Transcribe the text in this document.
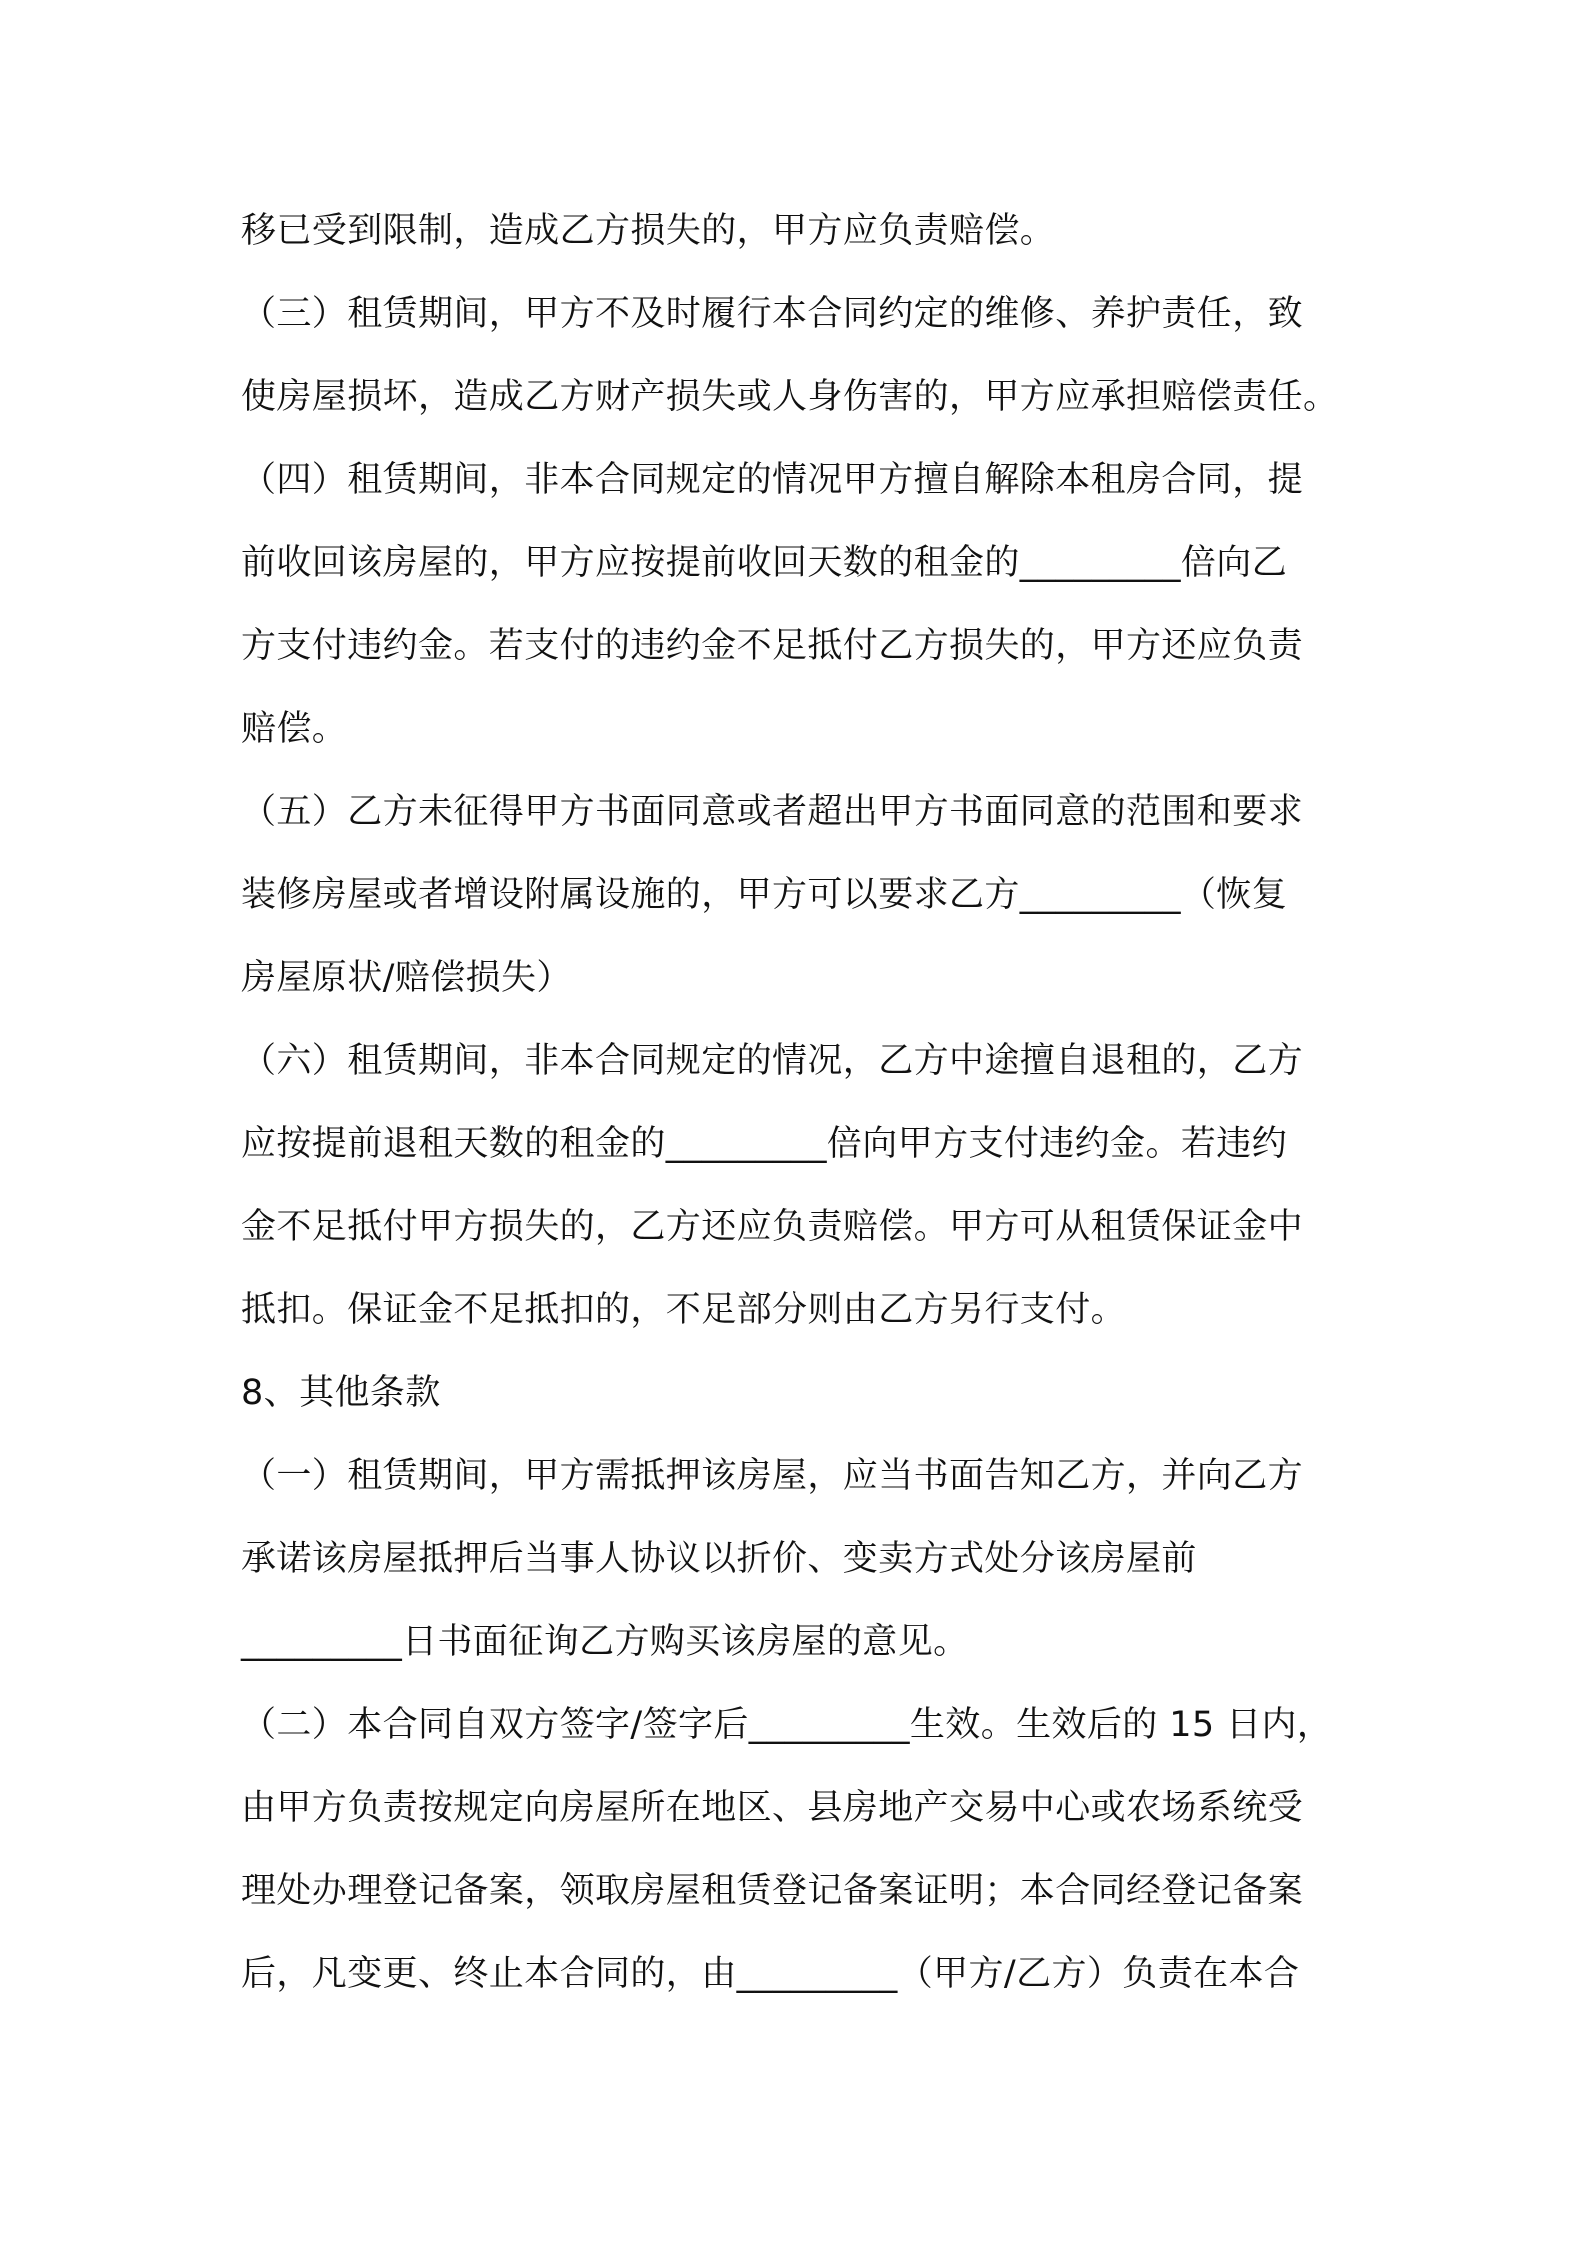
移已受到限制，造成乙方损失的，甲方应负责赔偿。
（三）租赁期间，甲方不及时履行本合同约定的维修、养护责任，致
使房屋损坏，造成乙方财产损失或人身伤害的，甲方应承担赔偿责任。
（四）租赁期间，非本合同规定的情况甲方擅自解除本租房合同，提
前收回该房屋的，甲方应按提前收回天数的租金的_________倍向乙
方支付违约金。若支付的违约金不足抵付乙方损失的，甲方还应负责
赔偿。
（五）乙方未征得甲方书面同意或者超出甲方书面同意的范围和要求
装修房屋或者增设附属设施的，甲方可以要求乙方_________（恢复
房屋原状/赔偿损失）
（六）租赁期间，非本合同规定的情况，乙方中途擅自退租的，乙方
应按提前退租天数的租金的_________倍向甲方支付违约金。若违约
金不足抵付甲方损失的，乙方还应负责赔偿。甲方可从租赁保证金中
抵扣。保证金不足抵扣的，不足部分则由乙方另行支付。
8、其他条款
（一）租赁期间，甲方需抵押该房屋，应当书面告知乙方，并向乙方
承诺该房屋抵押后当事人协议以折价、变卖方式处分该房屋前
_________日书面征询乙方购买该房屋的意见。
（二）本合同自双方签字/签字后_________生效。生效后的 15 日内，
由甲方负责按规定向房屋所在地区、县房地产交易中心或农场系统受
理处办理登记备案，领取房屋租赁登记备案证明；本合同经登记备案
后，凡变更、终止本合同的，由_________（甲方/乙方）负责在本合
